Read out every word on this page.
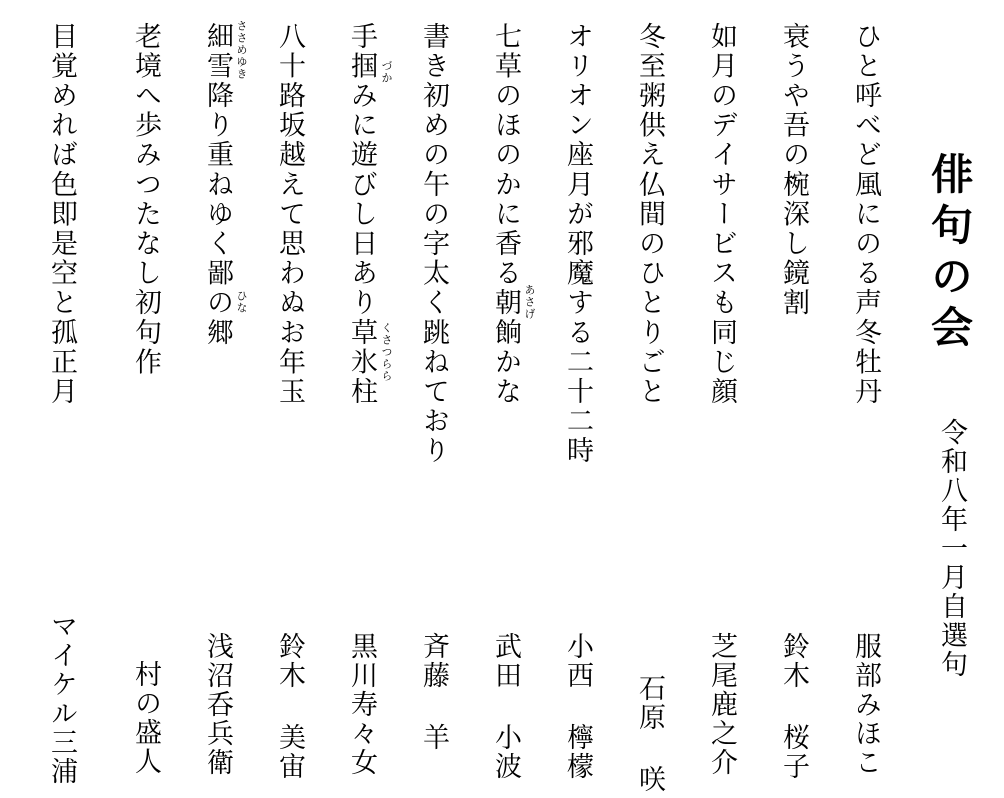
俳句の会
令和八年一月自選句
ひと呼べど風にのる声冬牡丹
服部みほこ
衰うや吾の椀深し鏡割
鈴木 桜子
如月のデイサービスも同じ顔
芝尾鹿之介
冬至粥供え仏間のひとりごと
石原 咲
オリオン座月が邪魔する二十二時
小西 檸檬
七草のほのかに香る朝餉かな あさげ
武田 小波
書き初めの午の字太く跳ねており
斉藤 羊
手掴みに遊びし日あり草氷柱 づか
くさつらら
黒川寿々女
八十路坂越えて思わぬお年玉
鈴木 美宙
細雪降り重ねゆく鄙の郷 ささめゆき
ひな
浅沼呑兵衛
老境へ歩みつたなし初句作
村の盛人
目覚めれば色即是空と孤正月
マイケル三浦
